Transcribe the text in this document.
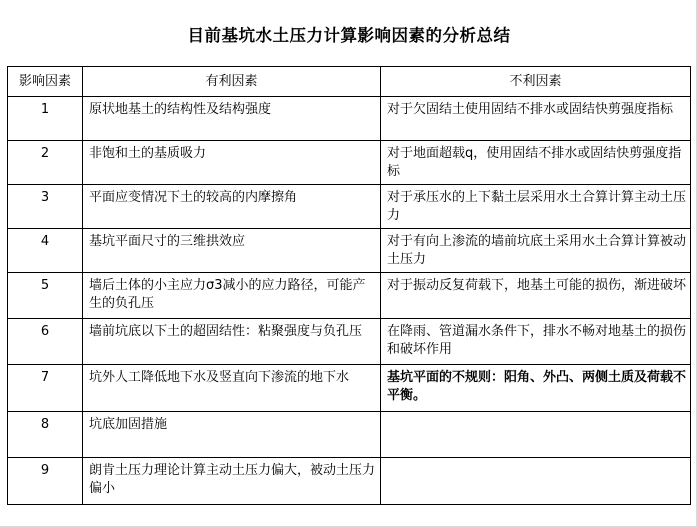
目前基坑水土压力计算影响因素的分析总结
影响因素	有利因素	不利因素
1	原状地基土的结构性及结构强度	对于欠固结土使用固结不排水或固结快剪强度指标
2	非饱和土的基质吸力	对于地面超载q，使用固结不排水或固结快剪强度指标
3	平面应变情况下土的较高的内摩擦角	对于承压水的上下黏土层采用水土合算计算主动土压力
4	基坑平面尺寸的三维拱效应	对于有向上渗流的墙前坑底土采用水土合算计算被动土压力
5	墙后土体的小主应力σ3减小的应力路径，可能产生的负孔压	对于振动反复荷载下，地基土可能的损伤，渐进破坏
6	墙前坑底以下土的超固结性：粘聚强度与负孔压	在降雨、管道漏水条件下，排水不畅对地基土的损伤和破坏作用
7	坑外人工降低地下水及竖直向下渗流的地下水	基坑平面的不规则：阳角、外凸、两侧土质及荷载不平衡。
8	坑底加固措施	
9	朗肯土压力理论计算主动土压力偏大，被动土压力偏小	
